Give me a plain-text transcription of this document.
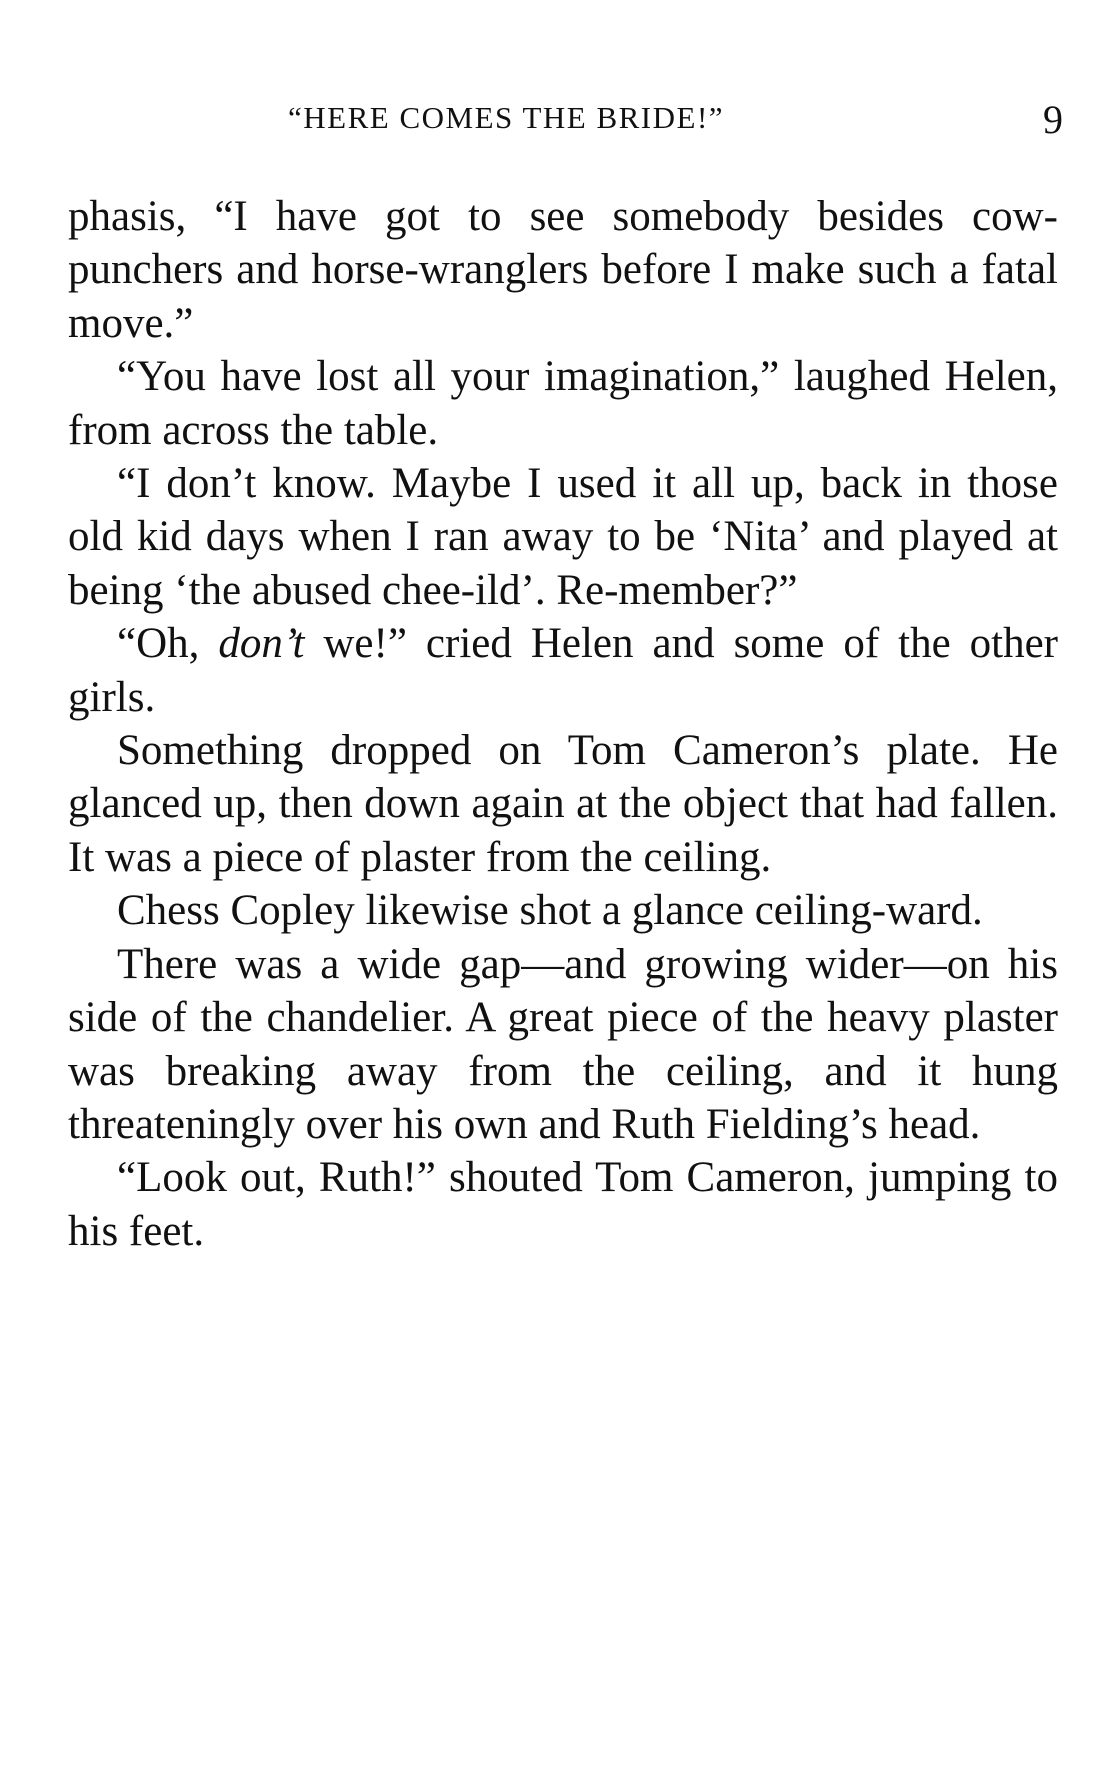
“HERE COMES THE BRIDE!”	9

phasis, “I have got to see somebody besides cow-punchers and horse-wranglers before I make such a fatal move.”

“You have lost all your imagination,” laughed Helen, from across the table.

“I don’t know. Maybe I used it all up, back in those old kid days when I ran away to be ‘Nita’ and played at being ‘the abused chee-ild’. Re-member?”

“Oh, don’t we!” cried Helen and some of the other girls.

Something dropped on Tom Cameron’s plate. He glanced up, then down again at the object that had fallen. It was a piece of plaster from the ceiling.

Chess Copley likewise shot a glance ceiling-ward.

There was a wide gap—and growing wider—on his side of the chandelier. A great piece of the heavy plaster was breaking away from the ceiling, and it hung threateningly over his own and Ruth Fielding’s head.

“Look out, Ruth!” shouted Tom Cameron, jumping to his feet.
